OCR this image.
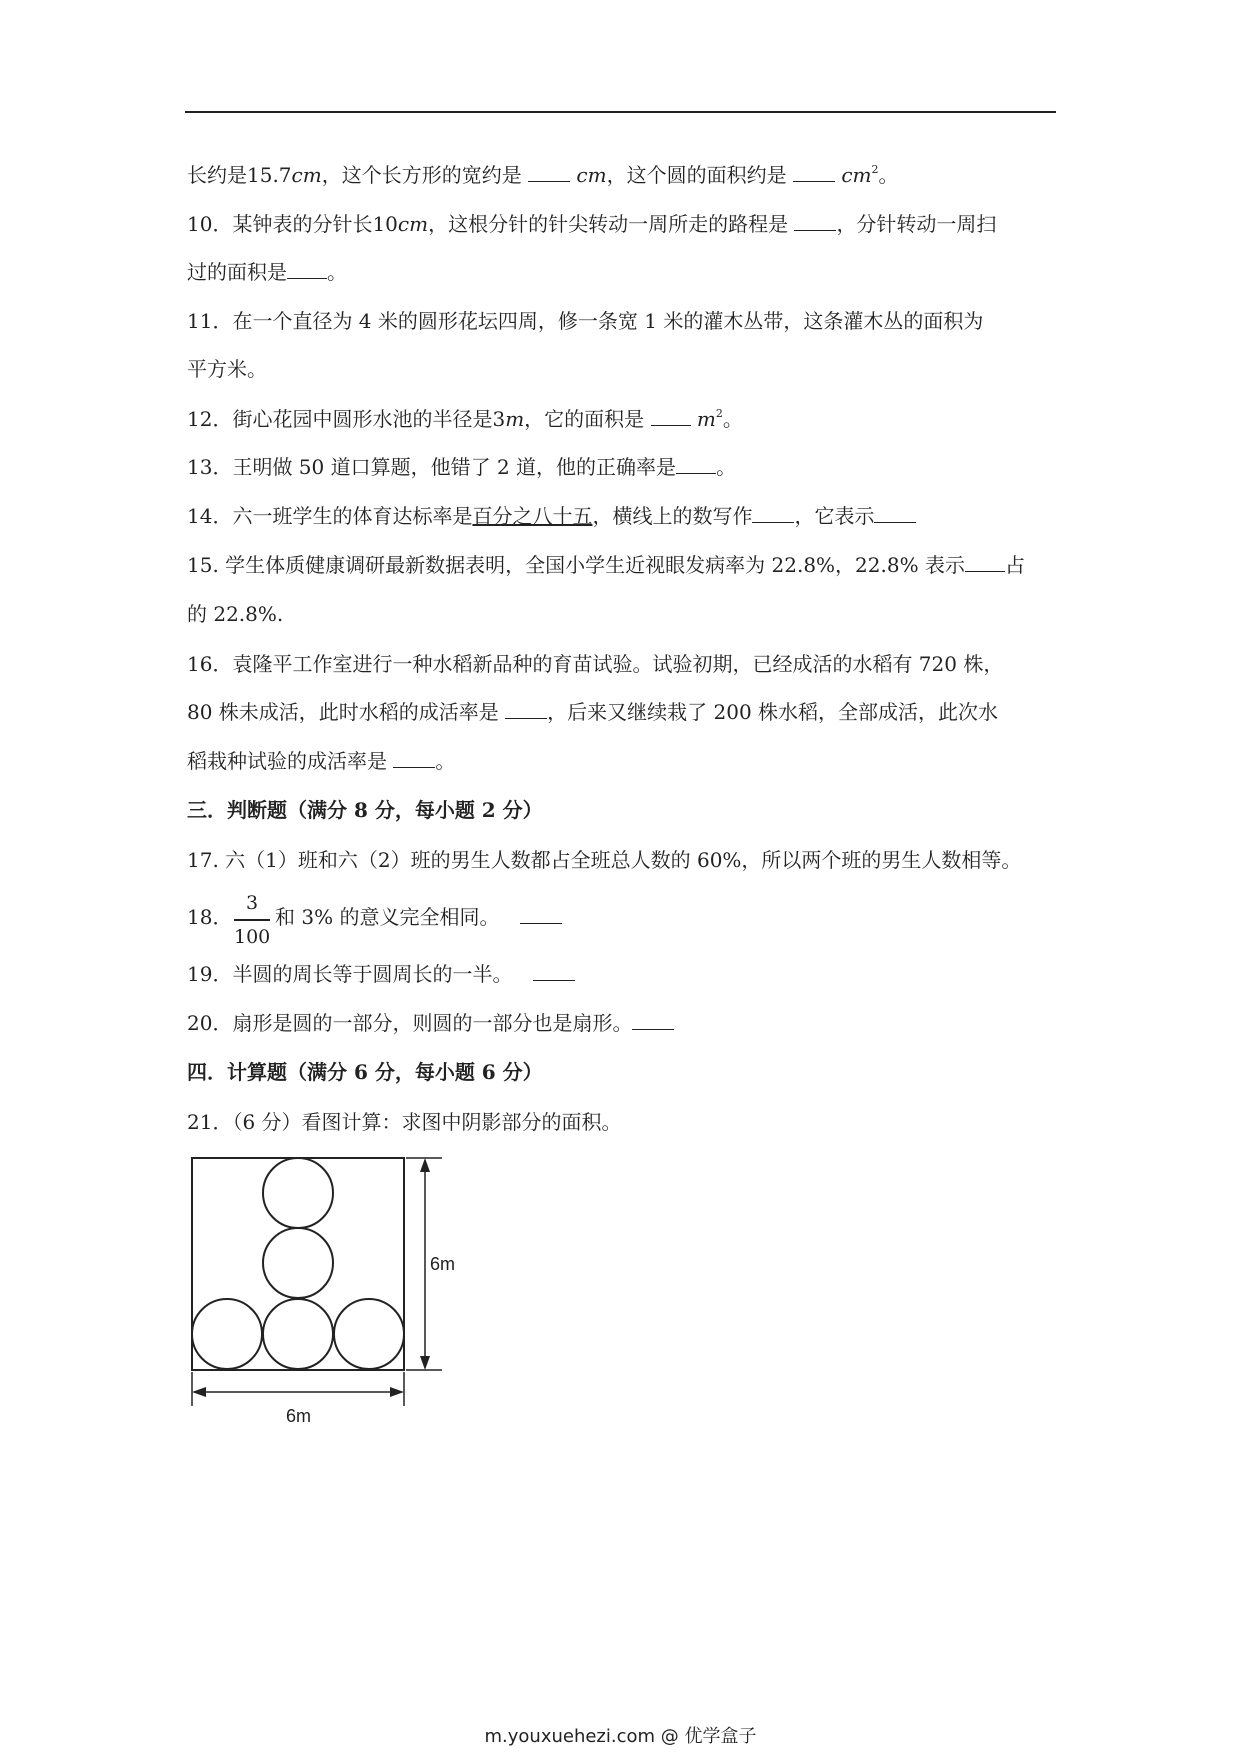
长约是15.7cm，这个长方形的宽约是	cm，这个圆的面积约是	$cm^2$。
10．某钟表的分针长10cm，这根分针的针尖转动一周所走的路程是 ，分针转动一周扫
过的面积是 。
11．在一个直径为 4 米的圆形花坛四周，修一条宽 1 米的灌木丛带，这条灌木丛的面积为
平方米。
12．街心花园中圆形水池的半径是3m，它的面积是	$m^2$。
13．王明做 50 道口算题，他错了 2 道，他的正确率是 。
14．六一班学生的体育达标率是百分之八十五，横线上的数写作 ，它表示
15. 学生体质健康调研最新数据表明，全国小学生近视眼发病率为 22.8%，22.8% 表示 占
的 22.8%.
16．袁隆平工作室进行一种水稻新品种的育苗试验。试验初期，已经成活的水稻有 720 株，
80 株未成活，此时水稻的成活率是 ，后来又继续栽了 200 株水稻，全部成活，此次水
稻栽种试验的成活率是 。
三．判断题（满分 8 分，每小题 2 分）
17. 六（1）班和六（2）班的男生人数都占全班总人数的 60%，所以两个班的男生人数相等。
18．
3
100
和 3% 的意义完全相同。
19．半圆的周长等于圆周长的一半。
20．扇形是圆的一部分，则圆的一部分也是扇形。
四．计算题（满分 6 分，每小题 6 分）
21．（6 分）看图计算：求图中阴影部分的面积。
6m
6m
m.youxuehezi.com @ 优学盒子
